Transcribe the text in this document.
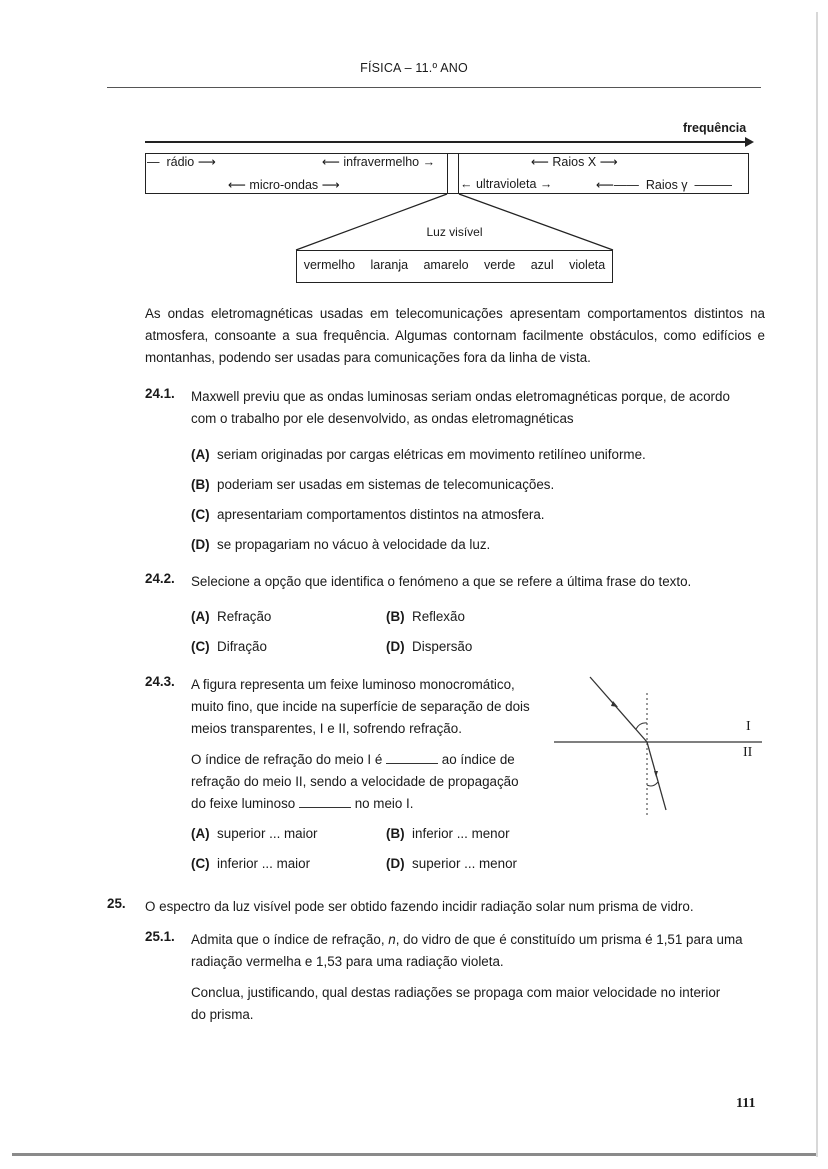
FÍSICA – 11.º ANO
frequência
— rádio ⟶	⟵ infravermelho →
⟵ micro-ondas ⟶
⟵ Raios X ⟶
← ultravioleta →	⟵—— Raios γ ———
Luz visível
vermelho laranja amarelo verde azul violeta
As ondas eletromagnéticas usadas em telecomunicações apresentam comportamentos distintos na atmosfera, consoante a sua frequência. Algumas contornam facilmente obstáculos, como edifícios e montanhas, podendo ser usadas para comunicações fora da linha de vista.
24.1. Maxwell previu que as ondas luminosas seriam ondas eletromagnéticas porque, de acordo
com o trabalho por ele desenvolvido, as ondas eletromagnéticas
(A) seriam originadas por cargas elétricas em movimento retilíneo uniforme.
(B) poderiam ser usadas em sistemas de telecomunicações.
(C) apresentariam comportamentos distintos na atmosfera.
(D) se propagariam no vácuo à velocidade da luz.
24.2. Selecione a opção que identifica o fenómeno a que se refere a última frase do texto.
(A) Refração	(B) Reflexão
(C) Difração	(D) Dispersão
24.3. A figura representa um feixe luminoso monocromático,
muito fino, que incide na superfície de separação de dois
meios transparentes, I e II, sofrendo refração.
O índice de refração do meio I é	ao índice de
refração do meio II, sendo a velocidade de propagação
do feixe luminoso	no meio I.
I
II
(A) superior ... maior	(B) inferior ... menor
(C) inferior ... maior	(D) superior ... menor
25. O espectro da luz visível pode ser obtido fazendo incidir radiação solar num prisma de vidro.
25.1. Admita que o índice de refração, n, do vidro de que é constituído um prisma é 1,51 para uma
radiação vermelha e 1,53 para uma radiação violeta.
Conclua, justificando, qual destas radiações se propaga com maior velocidade no interior
do prisma.
111
